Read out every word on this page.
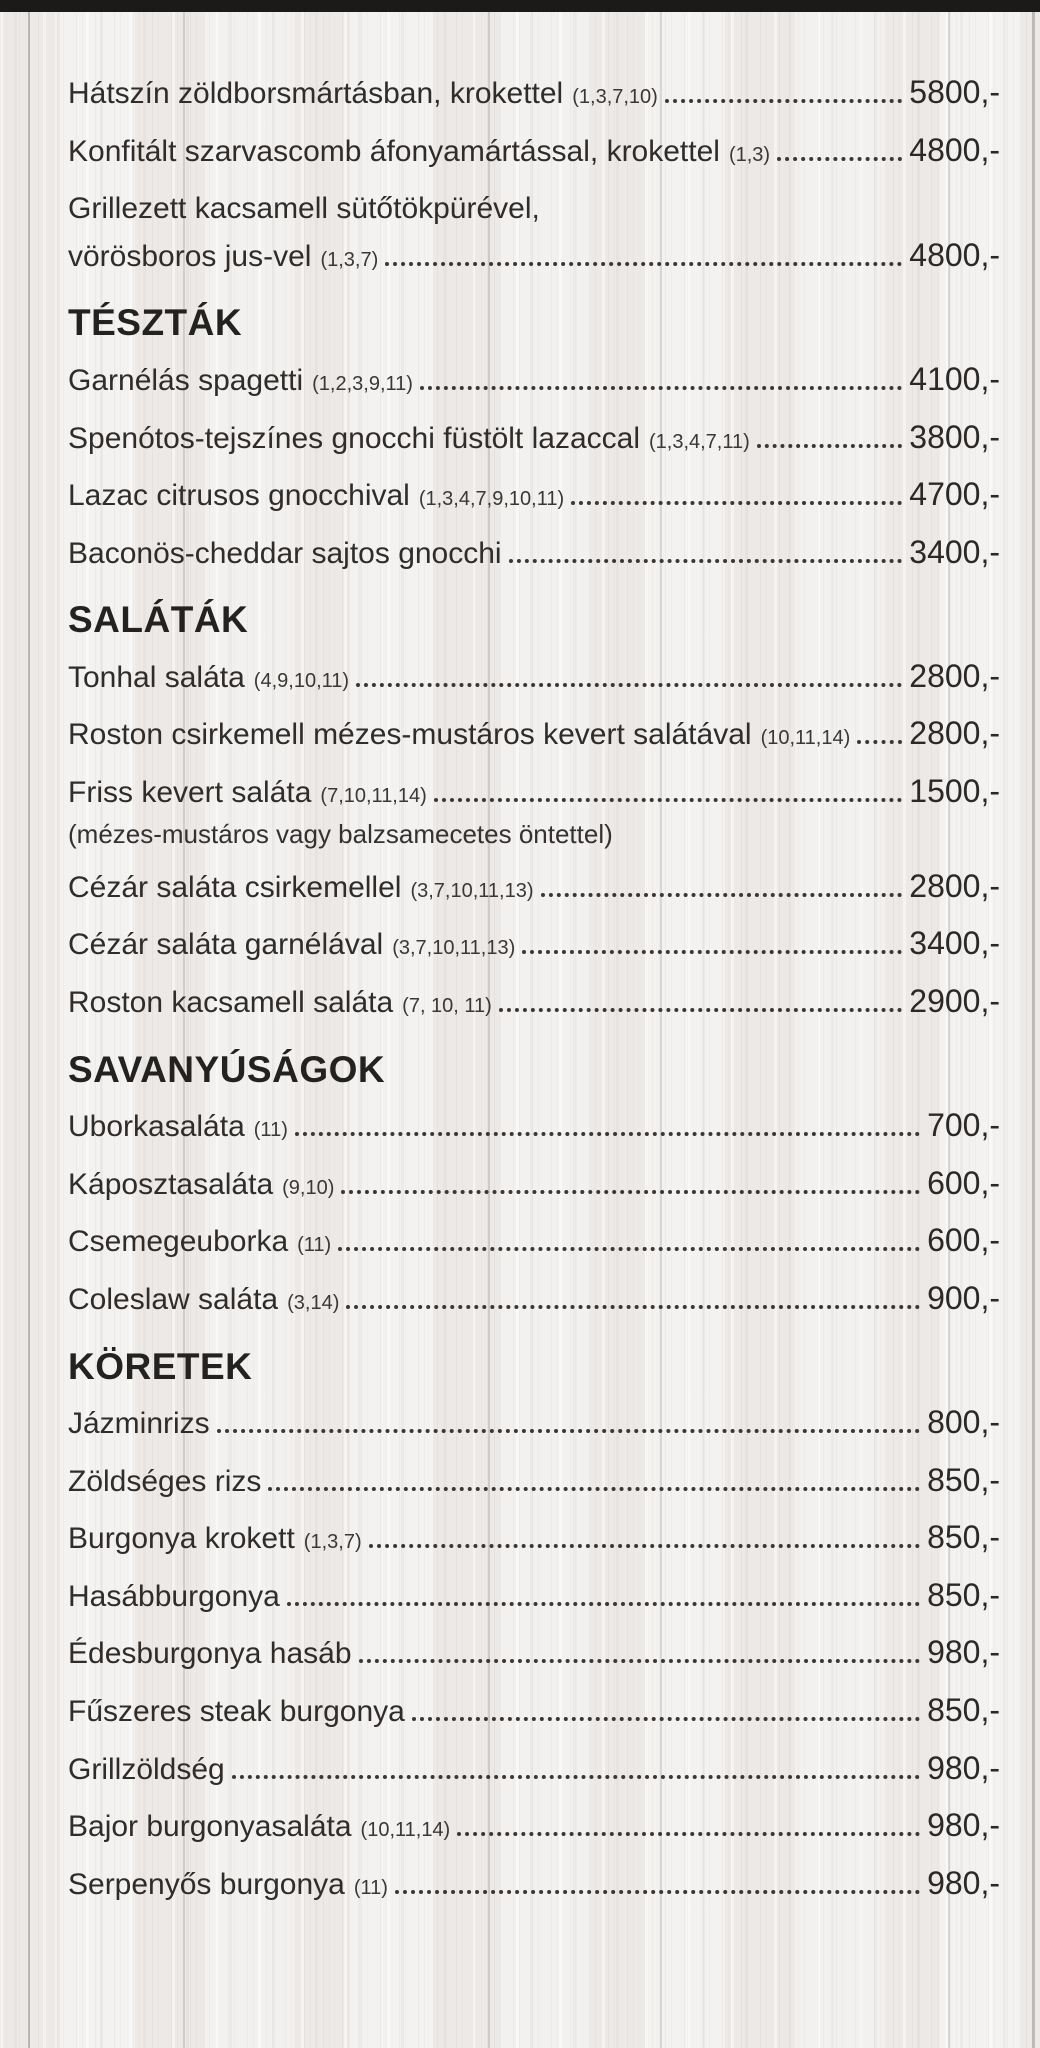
Hátszín zöldborsmártásban, krokettel (1,3,7,10)	5800,-
Konfitált szarvascomb áfonyamártással, krokettel (1,3)	4800,-
Grillezett kacsamell sütőtökpürével,
vörösboros jus-vel (1,3,7)	4800,-
TÉSZTÁK
Garnélás spagetti (1,2,3,9,11)	4100,-
Spenótos-tejszínes gnocchi füstölt lazaccal (1,3,4,7,11)	3800,-
Lazac citrusos gnocchival (1,3,4,7,9,10,11)	4700,-
Baconös-cheddar sajtos gnocchi	3400,-
SALÁTÁK
Tonhal saláta (4,9,10,11)	2800,-
Roston csirkemell mézes-mustáros kevert salátával (10,11,14) 2800,-
Friss kevert saláta (7,10,11,14)	1500,-
(mézes-mustáros vagy balzsamecetes öntettel)
Cézár saláta csirkemellel (3,7,10,11,13)	2800,-
Cézár saláta garnélával (3,7,10,11,13)	3400,-
Roston kacsamell saláta (7, 10, 11)	2900,-
SAVANYÚSÁGOK
Uborkasaláta (11)	700,-
Káposztasaláta (9,10)	600,-
Csemegeuborka (11)	600,-
Coleslaw saláta (3,14)	900,-
KÖRETEK
Jázminrizs	800,-
Zöldséges rizs	850,-
Burgonya krokett (1,3,7)	850,-
Hasábburgonya	850,-
Édesburgonya hasáb	980,-
Fűszeres steak burgonya	850,-
Grillzöldség	980,-
Bajor burgonyasaláta (10,11,14)	980,-
Serpenyős burgonya (11)	980,-
